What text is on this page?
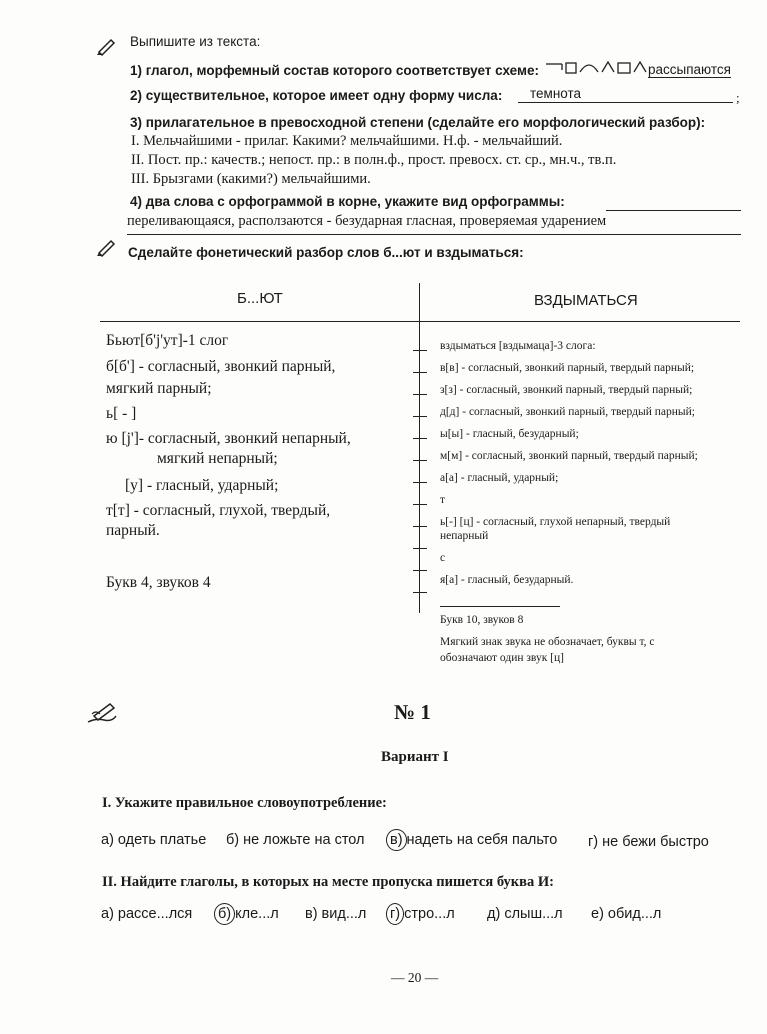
Выпишите из текста:
1) глагол, морфемный состав которого соответствует схеме:	рассыпаются
2) существительное, которое имеет одну форму числа: темнота	;
3) прилагательное в превосходной степени (сделайте его морфологический разбор):
I. Мельчайшими - прилаг. Какими? мельчайшими. Н.ф. - мельчайший.
II. Пост. пр.: качеств.; непост. пр.: в полн.ф., прост. превосх. ст. ср., мн.ч., тв.п.
III. Брызгами (какими?) мельчайшими.
4) два слова с орфограммой в корне, укажите вид орфограммы:
переливающаяся, расползаются - безударная гласная, проверяемая ударением
Сделайте фонетический разбор слов б...ют и вздыматься:
Б...ЮТ	ВЗДЫМАТЬСЯ
Бьют[б'j'ут]-1 слог
б[б'] - согласный, звонкий парный,
мягкий парный;
ь[ - ]
ю [j']- согласный, звонкий непарный,
мягкий непарный;
[у] - гласный, ударный;
т[т] - согласный, глухой, твердый,
парный.
Букв 4, звуков 4
вздыматься [вздымаца]-3 слога:
в[в] - согласный, звонкий парный, твердый парный;
з[з] - согласный, звонкий парный, твердый парный;
д[д] - согласный, звонкий парный, твердый парный;
ы[ы] - гласный, безударный;
м[м] - согласный, звонкий парный, твердый парный;
а[а] - гласный, ударный;
т
ь[-] [ц] - согласный, глухой непарный, твердый
непарный
с
я[а] - гласный, безударный.
Букв 10, звуков 8
Мягкий знак звука не обозначает, буквы т, с
обозначают один звук [ц]
№ 1
Вариант I
I. Укажите правильное словоупотребление:
а) одеть платье б) не ложьте на стол в) надеть на себя пальто г) не бежи быстро
II. Найдите глаголы, в которых на месте пропуска пишется буква И:
а) рассе...лся б) кле...л в) вид...л г) стро...л д) слыш...л е) обид...л
— 20 —
